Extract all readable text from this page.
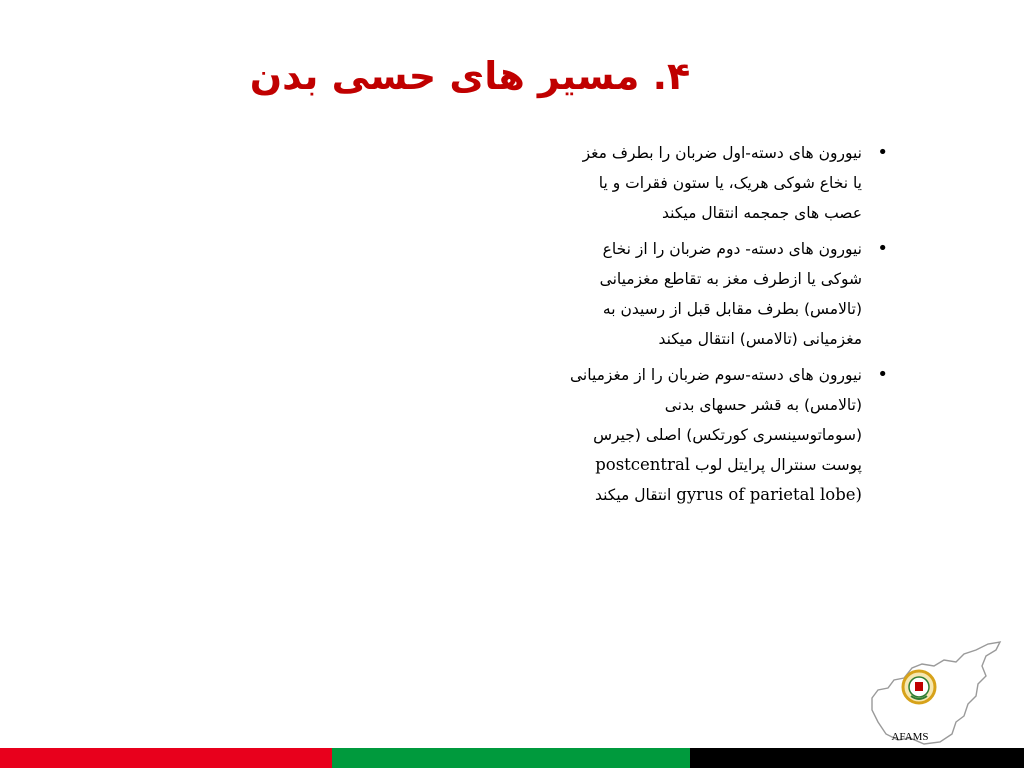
۴. مسیر های حسی بدن
•
نیورون های دسته-اول ضربان را بطرف مغز
یا نخاع شوکی هریک، یا ستون فقرات و یا
عصب های جمجمه انتقال میکند
•
نیورون های دسته- دوم ضربان را از نخاع
شوکی یا ازطرف مغز به تقاطع مغزمیانی
(تالامس) بطرف مقابل قبل از رسیدن به
مغزمیانی (تالامس) انتقال میکند
•
نیورون های دسته-سوم ضربان را از مغزمیانی
(تالامس) به قشر حسهای بدنی
(سوماتوسینسری کورتکس) اصلی (جیرس
پوست سنترال پرایتل لوب postcentral
gyrus of parietal lobe) انتقال میکند
AFAMS
